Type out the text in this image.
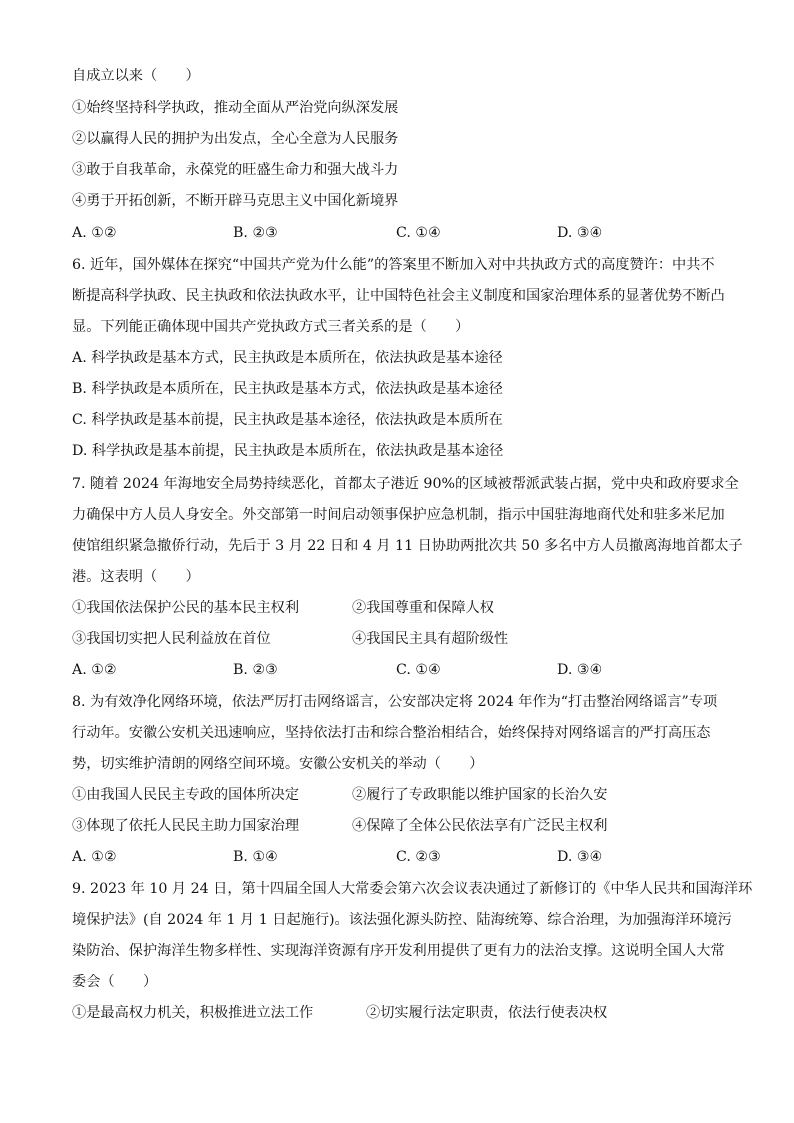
自成立以来（　　）
①始终坚持科学执政，推动全面从严治党向纵深发展
②以赢得人民的拥护为出发点，全心全意为人民服务
③敢于自我革命，永葆党的旺盛生命力和强大战斗力
④勇于开拓创新，不断开辟马克思主义中国化新境界
A. ①②	B. ②③	C. ①④	D. ③④
6. 近年，国外媒体在探究“中国共产党为什么能”的答案里不断加入对中共执政方式的高度赞许：中共不
断提高科学执政、民主执政和依法执政水平，让中国特色社会主义制度和国家治理体系的显著优势不断凸
显。下列能正确体现中国共产党执政方式三者关系的是（　　）
A. 科学执政是基本方式，民主执政是本质所在，依法执政是基本途径
B. 科学执政是本质所在，民主执政是基本方式，依法执政是基本途径
C. 科学执政是基本前提，民主执政是基本途径，依法执政是本质所在
D. 科学执政是基本前提，民主执政是本质所在，依法执政是基本途径
7. 随着 2024 年海地安全局势持续恶化，首都太子港近 90%的区域被帮派武装占据，党中央和政府要求全
力确保中方人员人身安全。外交部第一时间启动领事保护应急机制，指示中国驻海地商代处和驻多米尼加
使馆组织紧急撤侨行动，先后于 3 月 22 日和 4 月 11 日协助两批次共 50 多名中方人员撤离海地首都太子
港。这表明（　　）
①我国依法保护公民的基本民主权利	②我国尊重和保障人权
③我国切实把人民利益放在首位	④我国民主具有超阶级性
A. ①②	B. ②③	C. ①④	D. ③④
8. 为有效净化网络环境，依法严厉打击网络谣言，公安部决定将 2024 年作为“打击整治网络谣言”专项
行动年。安徽公安机关迅速响应，坚持依法打击和综合整治相结合，始终保持对网络谣言的严打高压态
势，切实维护清朗的网络空间环境。安徽公安机关的举动（　　）
①由我国人民民主专政的国体所决定	②履行了专政职能以维护国家的长治久安
③体现了依托人民民主助力国家治理	④保障了全体公民依法享有广泛民主权利
A. ①②	B. ①④	C. ②③	D. ③④
9. 2023 年 10 月 24 日，第十四届全国人大常委会第六次会议表决通过了新修订的《中华人民共和国海洋环
境保护法》(自 2024 年 1 月 1 日起施行)。该法强化源头防控、陆海统筹、综合治理，为加强海洋环境污
染防治、保护海洋生物多样性、实现海洋资源有序开发利用提供了更有力的法治支撑。这说明全国人大常
委会（　　）
①是最高权力机关，积极推进立法工作	②切实履行法定职责，依法行使表决权
